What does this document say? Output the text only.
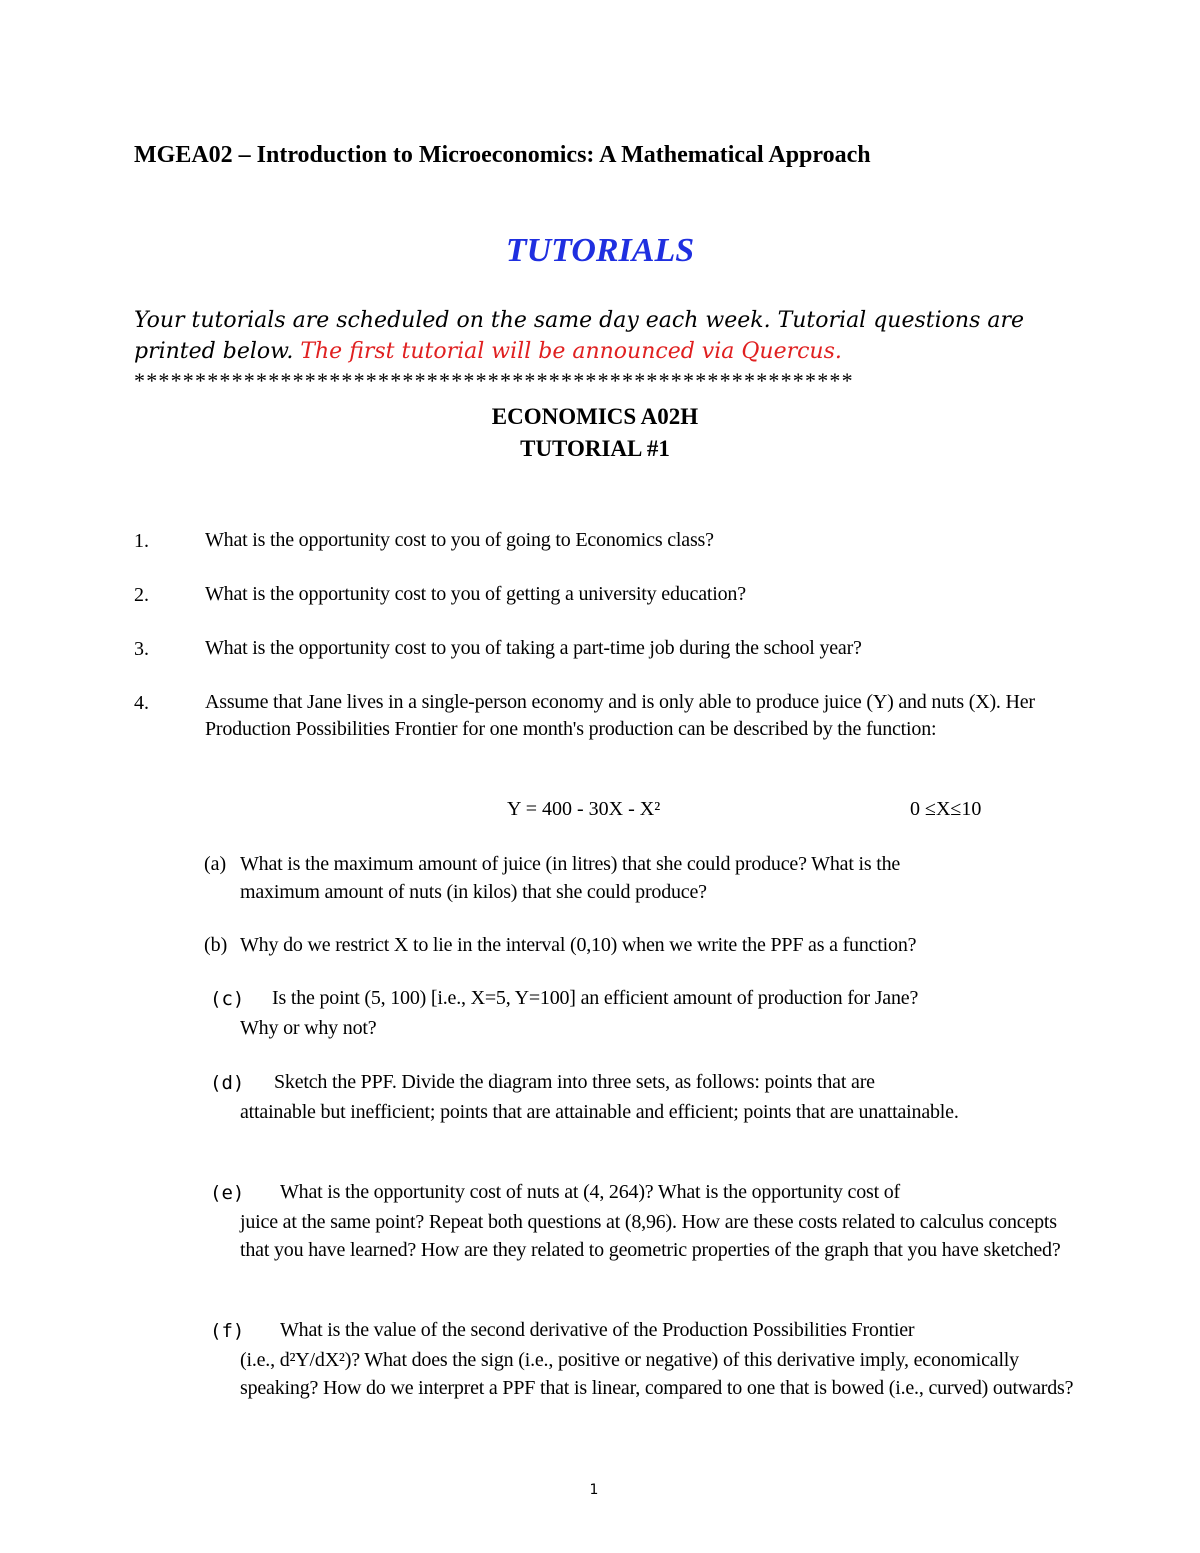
MGEA02 – Introduction to Microeconomics: A Mathematical Approach
TUTORIALS
Your tutorials are scheduled on the same day each week. Tutorial questions are printed below. The first tutorial will be announced via Quercus.
***********************************************************
ECONOMICS A02H
TUTORIAL #1
1.	What is the opportunity cost to you of going to Economics class?
2.	What is the opportunity cost to you of getting a university education?
3.	What is the opportunity cost to you of taking a part-time job during the school year?
4.	Assume that Jane lives in a single-person economy and is only able to produce juice (Y) and nuts (X). Her Production Possibilities Frontier for one month's production can be described by the function:
Y = 400 - 30X - X²	0 ≤X≤10
(a) What is the maximum amount of juice (in litres) that she could produce? What is the
maximum amount of nuts (in kilos) that she could produce?
(b) Why do we restrict X to lie in the interval (0,10) when we write the PPF as a function?
(c) Is the point (5, 100) [i.e., X=5, Y=100] an efficient amount of production for Jane?
Why or why not?
(d) Sketch the PPF. Divide the diagram into three sets, as follows: points that are
attainable but inefficient; points that are attainable and efficient; points that are unattainable.
(e) What is the opportunity cost of nuts at (4, 264)? What is the opportunity cost of
juice at the same point? Repeat both questions at (8,96). How are these costs related to calculus concepts that you have learned? How are they related to geometric properties of the graph that you have sketched?
(f) What is the value of the second derivative of the Production Possibilities Frontier
(i.e., d²Y/dX²)? What does the sign (i.e., positive or negative) of this derivative imply, economically speaking? How do we interpret a PPF that is linear, compared to one that is bowed (i.e., curved) outwards?
1
